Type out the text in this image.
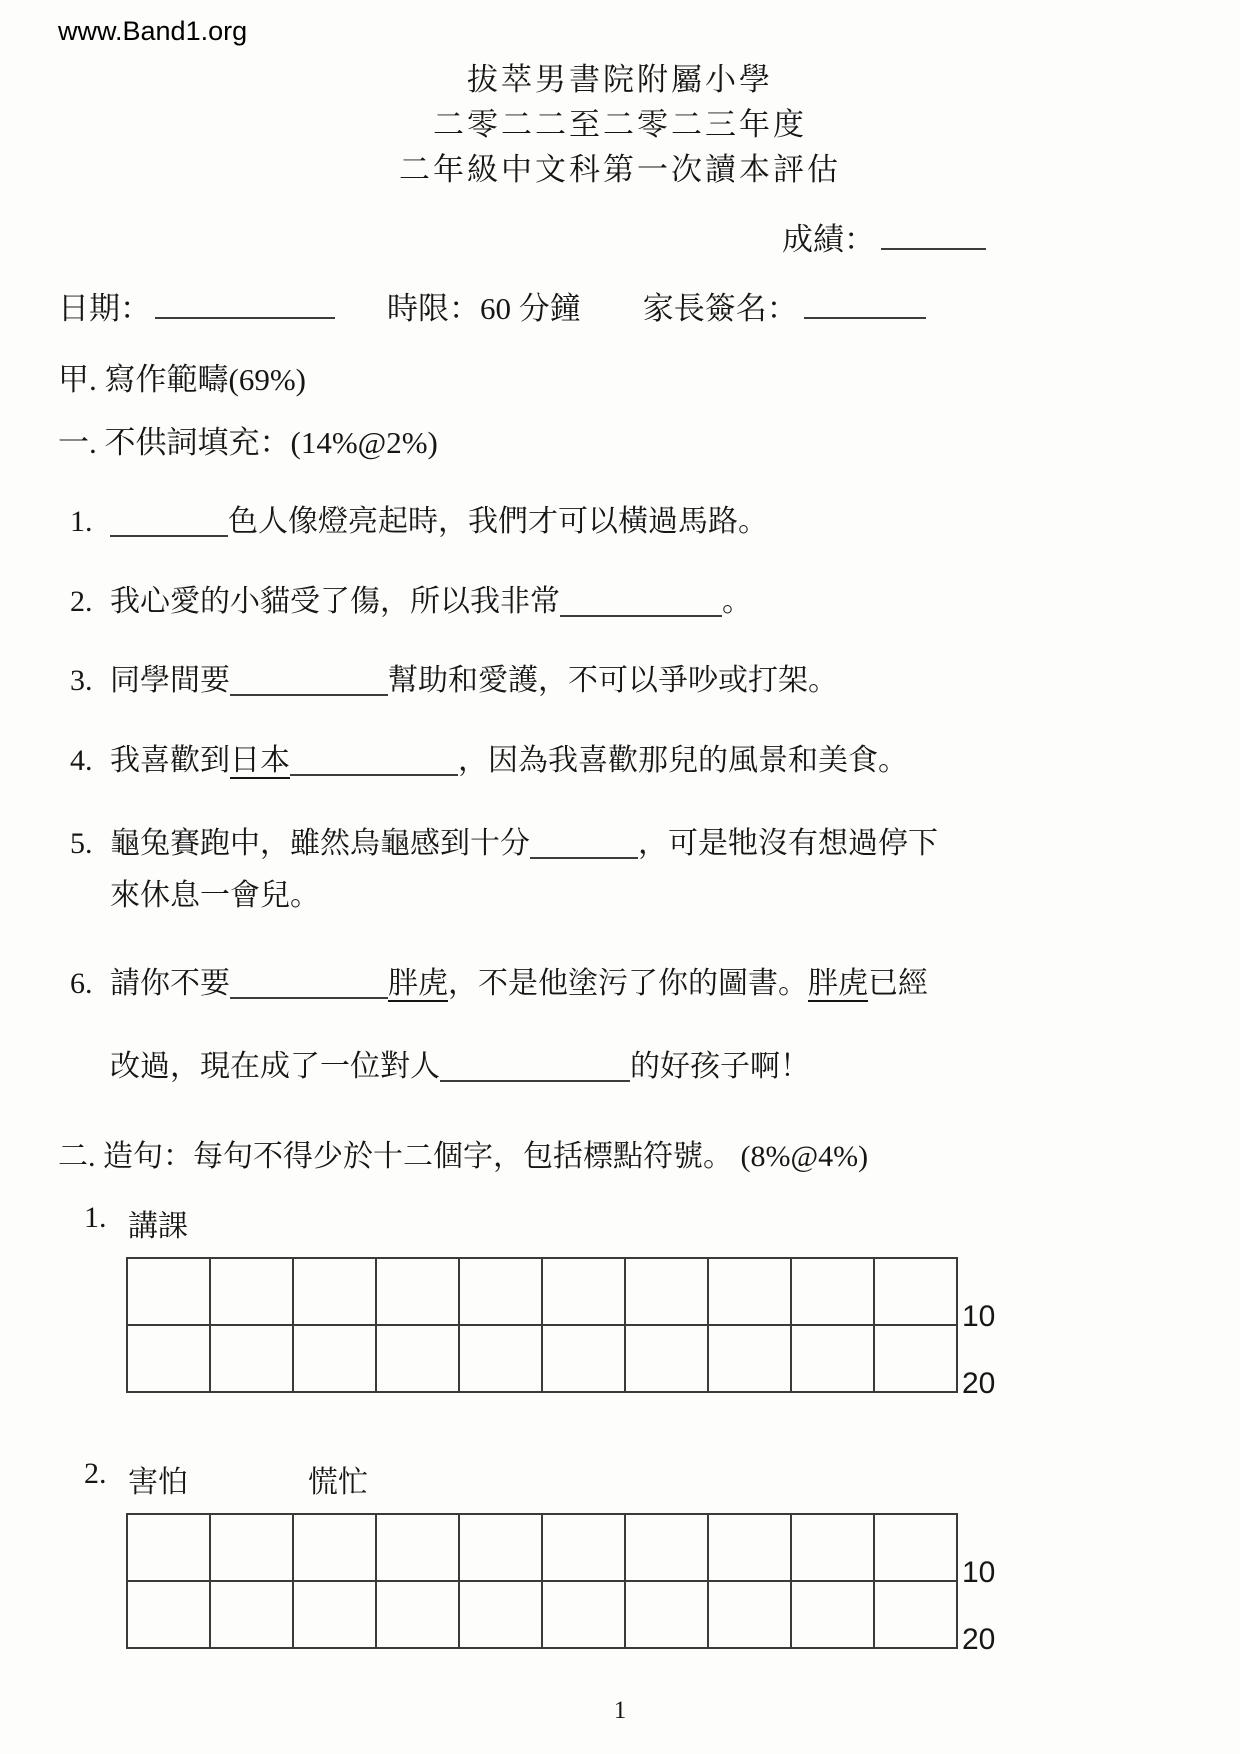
www.Band1.org
拔萃男書院附屬小學
二零二二至二零二三年度
二年級中文科第一次讀本評估
成績：
日期：	時限：60 分鐘 家長簽名：
甲. 寫作範疇(69%)
一. 不供詞填充：(14%@2%)
1.	色人像燈亮起時，我們才可以橫過馬路。
2. 我心愛的小貓受了傷，所以我非常	。
3. 同學間要	幫助和愛護，不可以爭吵或打架。
4. 我喜歡到日本	，因為我喜歡那兒的風景和美食。
5. 龜兔賽跑中，雖然烏龜感到十分	，可是牠沒有想過停下
來休息一會兒。
6. 請你不要	胖虎，不是他塗污了你的圖書。胖虎已經
改過，現在成了一位對人	的好孩子啊！
二. 造句：每句不得少於十二個字，包括標點符號。 (8%@4%)
1. 講課
10
20
2. 害怕	慌忙
10
20
1
